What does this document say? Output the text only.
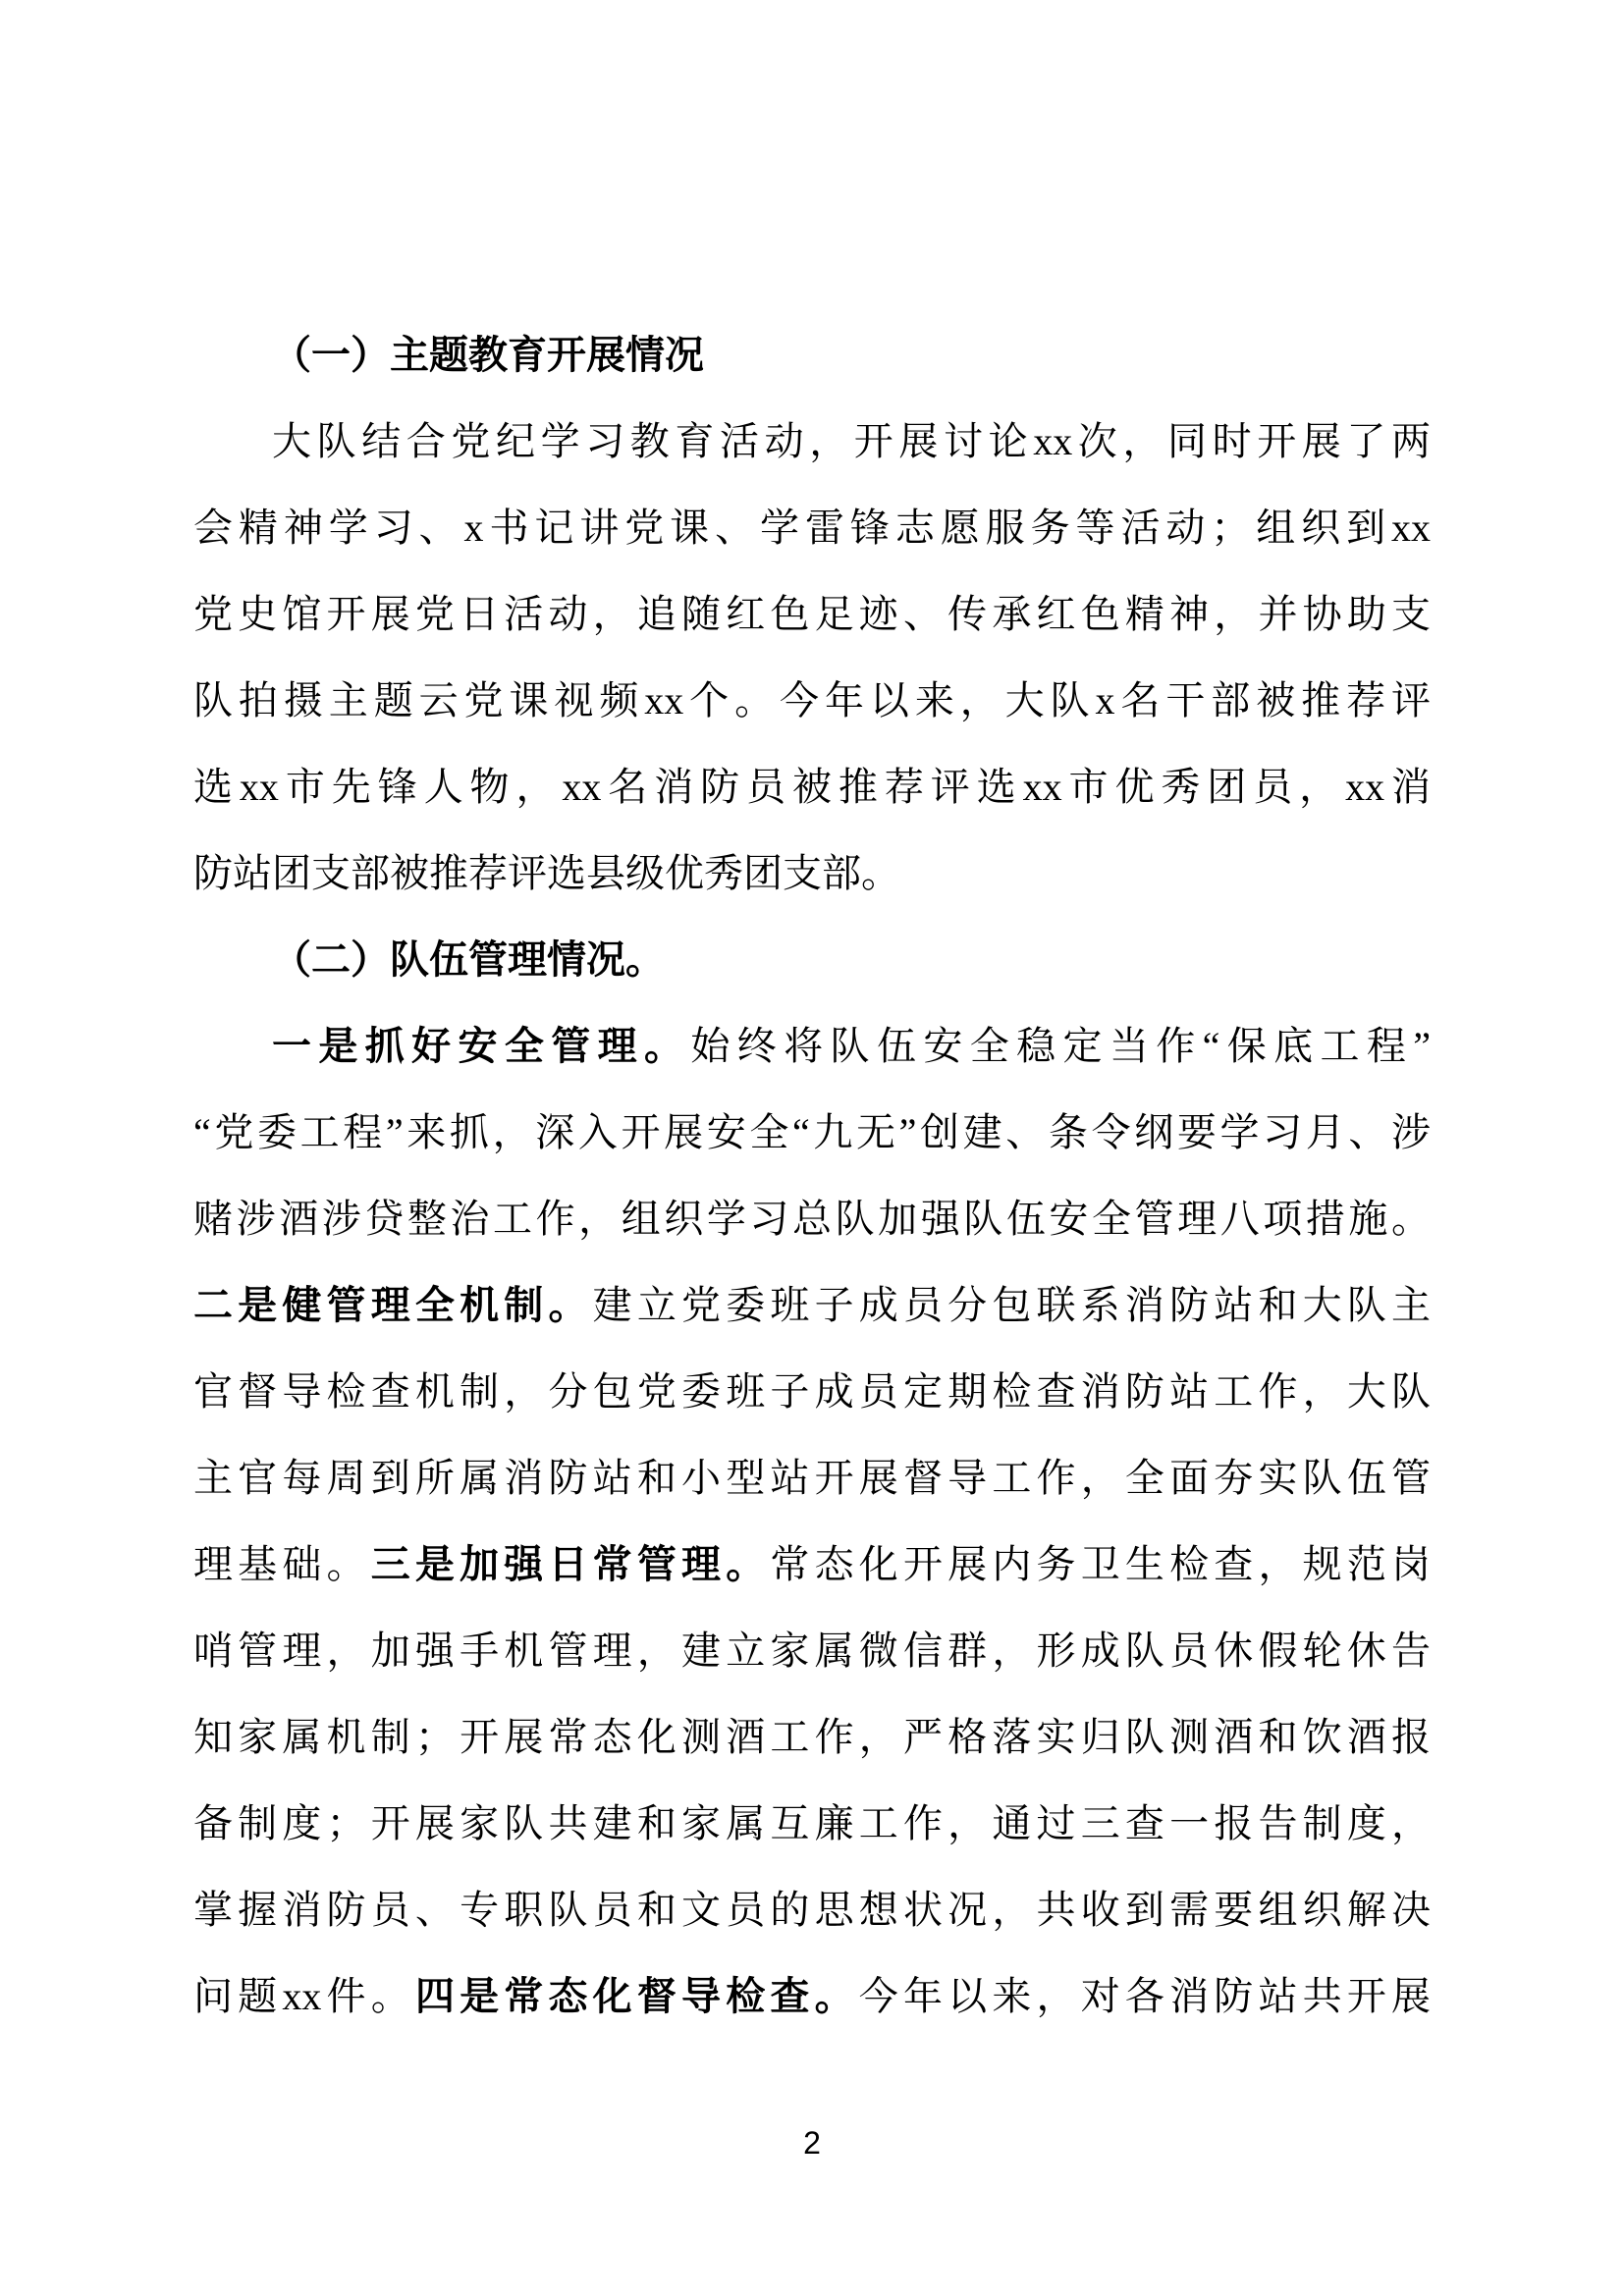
（一）主题教育开展情况
大队结合党纪学习教育活动，开展讨论xx次，同时开展了两
会精神学习、x书记讲党课、学雷锋志愿服务等活动；组织到xx
党史馆开展党日活动，追随红色足迹、传承红色精神，并协助支
队拍摄主题云党课视频xx个。今年以来，大队x名干部被推荐评
选xx市先锋人物，xx名消防员被推荐评选xx市优秀团员，xx消
防站团支部被推荐评选县级优秀团支部。
（二）队伍管理情况。
一是抓好安全管理。始终将队伍安全稳定当作“保底工程”
“党委工程”来抓，深入开展安全“九无”创建、条令纲要学习月、涉
赌涉酒涉贷整治工作，组织学习总队加强队伍安全管理八项措施。
二是健管理全机制。建立党委班子成员分包联系消防站和大队主
官督导检查机制，分包党委班子成员定期检查消防站工作，大队
主官每周到所属消防站和小型站开展督导工作，全面夯实队伍管
理基础。三是加强日常管理。常态化开展内务卫生检查，规范岗
哨管理，加强手机管理，建立家属微信群，形成队员休假轮休告
知家属机制；开展常态化测酒工作，严格落实归队测酒和饮酒报
备制度；开展家队共建和家属互廉工作，通过三查一报告制度，
掌握消防员、专职队员和文员的思想状况，共收到需要组织解决
问题xx件。四是常态化督导检查。今年以来，对各消防站共开展
2
